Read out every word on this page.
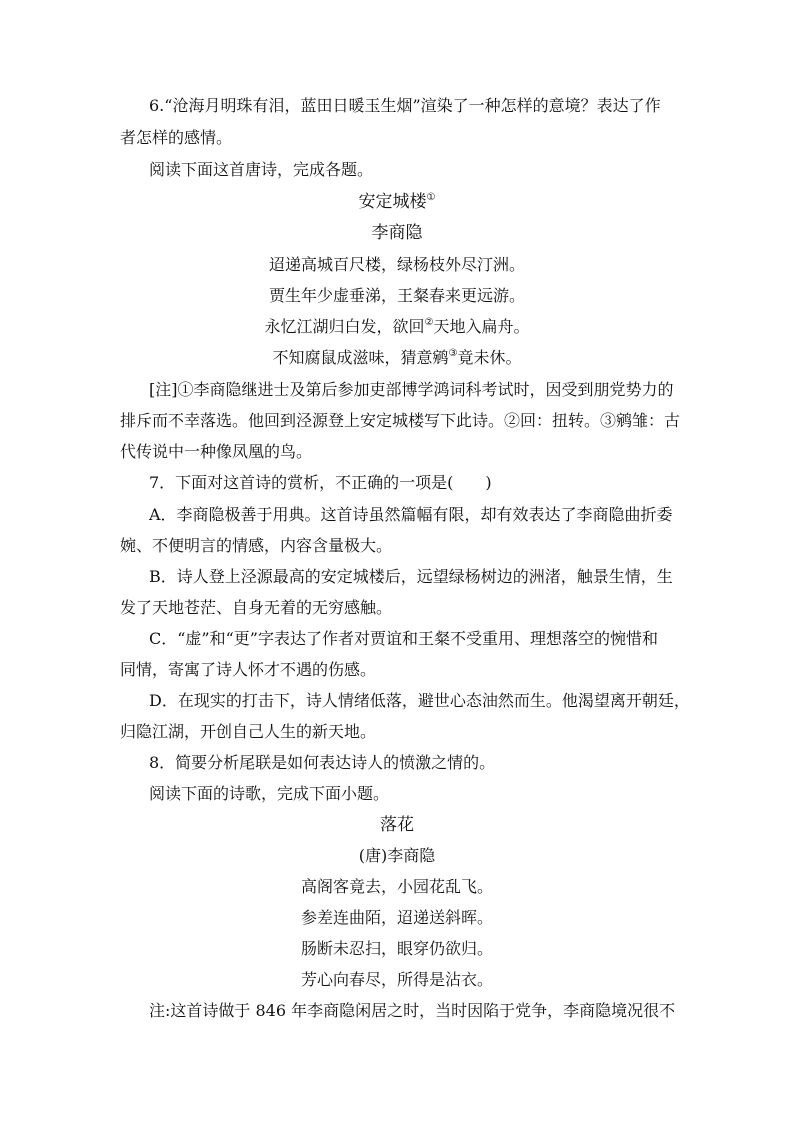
6.“沧海月明珠有泪，蓝田日暖玉生烟”渲染了一种怎样的意境？表达了作
者怎样的感情。
阅读下面这首唐诗，完成各题。
安定城楼①
李商隐
迢递高城百尺楼，绿杨枝外尽汀洲。
贾生年少虚垂涕，王粲春来更远游。
永忆江湖归白发，欲回②天地入扁舟。
不知腐鼠成滋味，猜意鹓③竟未休。
[注]①李商隐继进士及第后参加吏部博学鸿词科考试时，因受到朋党势力的
排斥而不幸落选。他回到泾源登上安定城楼写下此诗。②回：扭转。③鹓雏：古
代传说中一种像凤凰的鸟。
7．下面对这首诗的赏析，不正确的一项是(　　)
A．李商隐极善于用典。这首诗虽然篇幅有限，却有效表达了李商隐曲折委
婉、不便明言的情感，内容含量极大。
B．诗人登上泾源最高的安定城楼后，远望绿杨树边的洲渚，触景生情，生
发了天地苍茫、自身无着的无穷感触。
C．“虚”和“更”字表达了作者对贾谊和王粲不受重用、理想落空的惋惜和
同情，寄寓了诗人怀才不遇的伤感。
D．在现实的打击下，诗人情绪低落，避世心态油然而生。他渴望离开朝廷，
归隐江湖，开创自己人生的新天地。
8．简要分析尾联是如何表达诗人的愤激之情的。
阅读下面的诗歌，完成下面小题。
落花
(唐)李商隐
高阁客竟去，小园花乱飞。
参差连曲陌，迢递送斜晖。
肠断未忍扫，眼穿仍欲归。
芳心向春尽，所得是沾衣。
注:这首诗做于 846 年李商隐闲居之时，当时因陷于党争，李商隐境况很不
